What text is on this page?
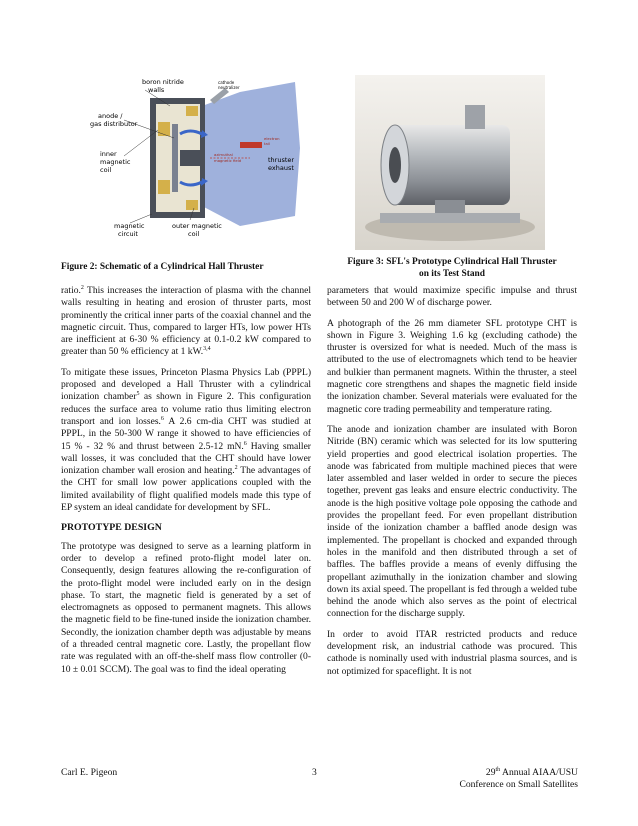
boron nitride
walls
cathode
neutralizer
anode /
gas distributor
inner
magnetic
coil
thruster
exhaust
magnetic
circuit
outer magnetic
coil
electron
tail
azimuthal
magnetic field
Figure 2: Schematic of a Cylindrical Hall Thruster	Figure 3: SFL's Prototype Cylindrical Hall Thruster
on its Test Stand

ratio.$^2$ This increases the interaction of plasma with the channel walls resulting in heating and erosion of thruster parts, most prominently the critical inner parts of the coaxial channel and the magnetic circuit. Thus, compared to larger HTs, low power HTs are inefficient at 6-30 % efficiency at 0.1-0.2 kW compared to greater than 50 % efficiency at 1 kW.$^{3,4}$

To mitigate these issues, Princeton Plasma Physics Lab (PPPL) proposed and developed a Hall Thruster with a cylindrical ionization chamber$^5$ as shown in Figure 2. This configuration reduces the surface area to volume ratio thus limiting electron transport and ion losses.$^6$ A 2.6 cm-dia CHT was studied at PPPL, in the 50-300 W range it showed to have efficiencies of 15 % - 32 % and thrust between 2.5-12 mN.$^6$ Having smaller wall losses, it was concluded that the CHT should have lower ionization chamber wall erosion and heating.$^2$ The advantages of the CHT for small low power applications coupled with the limited availability of flight qualified models made this type of EP system an ideal candidate for development by SFL.

PROTOTYPE DESIGN

The prototype was designed to serve as a learning platform in order to develop a refined proto-flight model later on. Consequently, design features allowing the re-configuration of the proto-flight model were included early on in the design phase. To start, the magnetic field is generated by a set of electromagnets as opposed to permanent magnets. This allows the magnetic field to be fine-tuned inside the ionization chamber. Secondly, the ionization chamber depth was adjustable by means of a threaded central magnetic core. Lastly, the propellant flow rate was regulated with an off-the-shelf mass flow controller (0-10 ± 0.01 SCCM). The goal was to find the ideal operating

parameters that would maximize specific impulse and thrust between 50 and 200 W of discharge power.

A photograph of the 26 mm diameter SFL prototype CHT is shown in Figure 3. Weighing 1.6 kg (excluding cathode) the thruster is oversized for what is needed. Much of the mass is attributed to the use of electromagnets which tend to be heavier and bulkier than permanent magnets. Within the thruster, a steel magnetic core strengthens and shapes the magnetic field inside the ionization chamber. Several materials were evaluated for the magnetic core trading permeability and temperature rating.

The anode and ionization chamber are insulated with Boron Nitride (BN) ceramic which was selected for its low sputtering yield properties and good electrical isolation properties. The anode was fabricated from multiple machined pieces that were later assembled and laser welded in order to secure the pieces together, prevent gas leaks and ensure electric conductivity. The anode is the high positive voltage pole opposing the cathode and provides the propellant feed. For even propellant distribution inside of the ionization chamber a baffled anode design was implemented. The propellant is chocked and expanded through holes in the manifold and then distributed through a set of baffles. The baffles provide a means of evenly diffusing the propellant azimuthally in the ionization chamber and slowing down its axial speed. The propellant is fed through a welded tube behind the anode which also serves as the point of electrical connection for the discharge supply.

In order to avoid ITAR restricted products and reduce development risk, an industrial cathode was procured. This cathode is nominally used with industrial plasma sources, and is not optimized for spaceflight. It is not

Carl E. Pigeon	3	29th Annual AIAA/USU
Conference on Small Satellites
